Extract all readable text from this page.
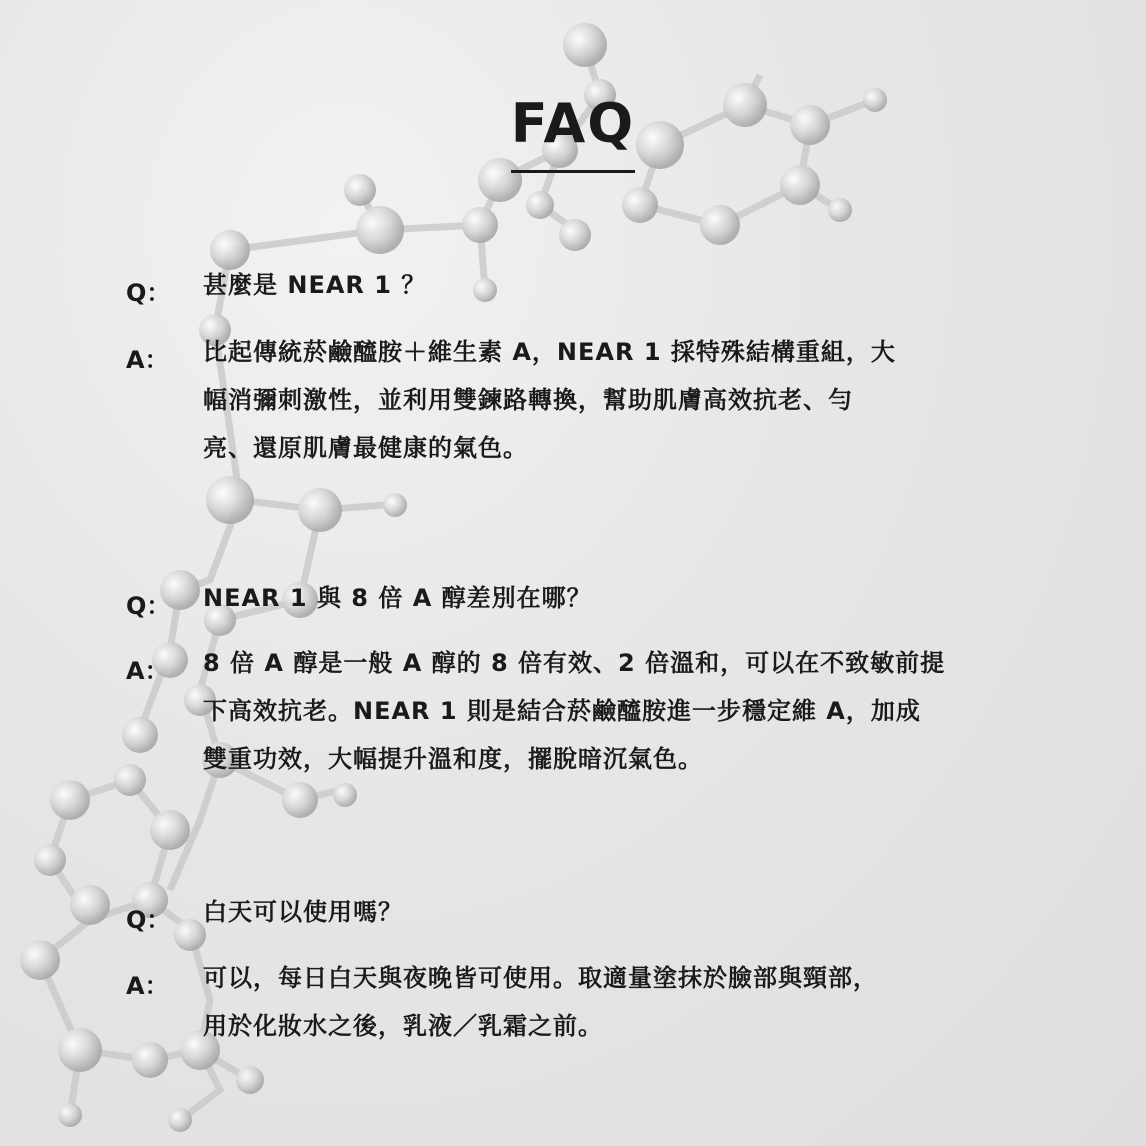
FAQ
Q：	甚麼是 NEAR 1 ？
A：	比起傳統菸鹼醯胺＋維生素 A，NEAR 1 採特殊結構重組，大
幅消彌刺激性，並利用雙鍊路轉換，幫助肌膚高效抗老、勻
亮、還原肌膚最健康的氣色。
Q：	NEAR 1 與 8 倍 A 醇差別在哪？
A：	8 倍 A 醇是一般 A 醇的 8 倍有效、2 倍溫和，可以在不致敏前提
下高效抗老。NEAR 1 則是結合菸鹼醯胺進一步穩定維 A，加成
雙重功效，大幅提升溫和度，擺脫暗沉氣色。
Q：	白天可以使用嗎？
A：	可以，每日白天與夜晚皆可使用。取適量塗抹於臉部與頸部，
用於化妝水之後，乳液／乳霜之前。
